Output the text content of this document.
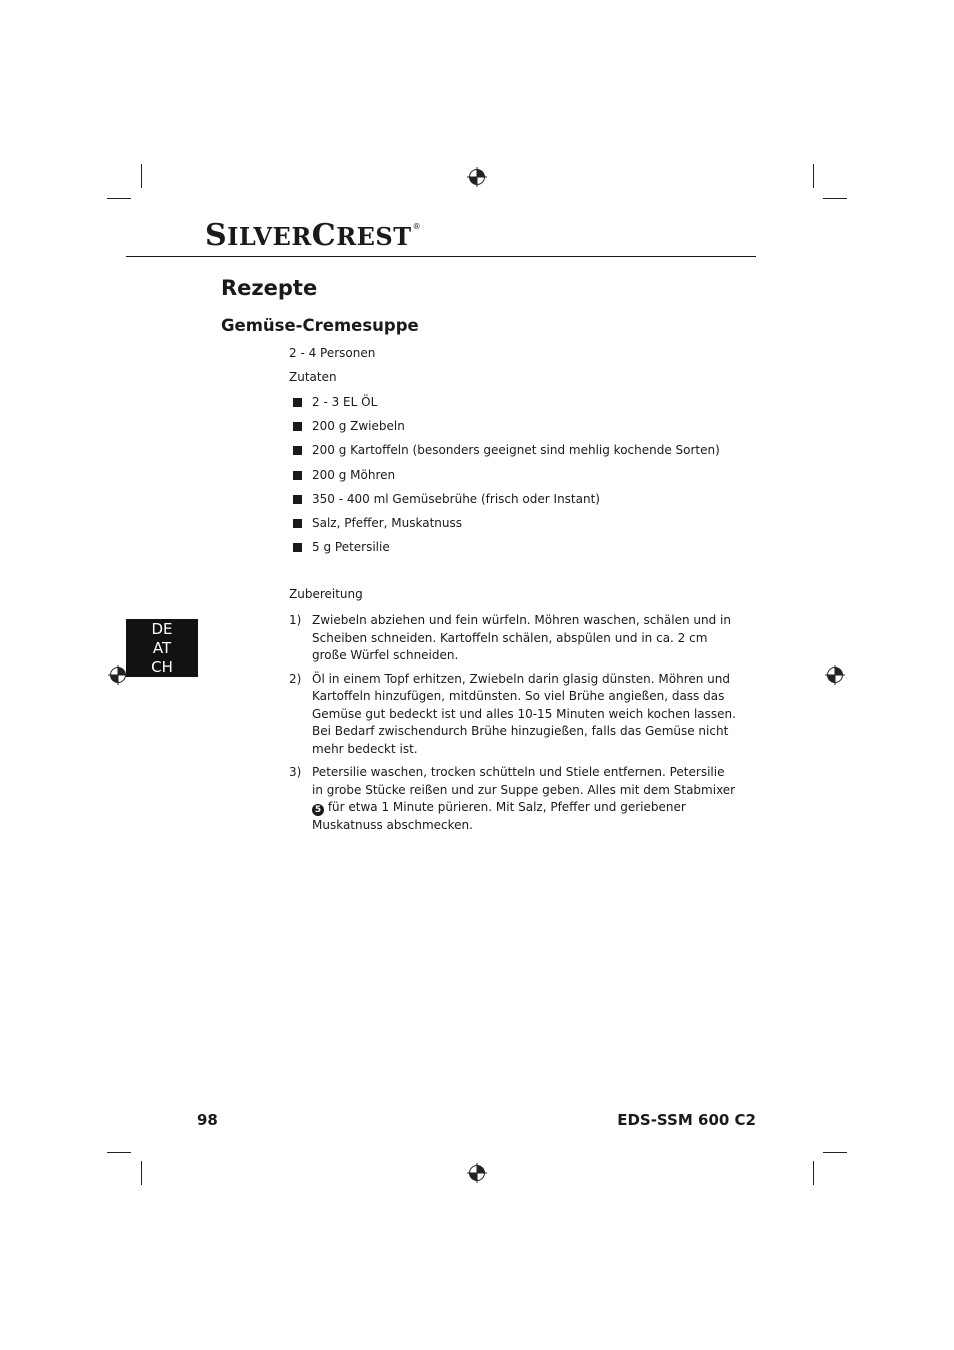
SILVERCREST®
Rezepte
Gemüse-Cremesuppe
2 - 4 Personen
Zutaten
2 - 3 EL ÖL
200 g Zwiebeln
200 g Kartoffeln (besonders geeignet sind mehlig kochende Sorten)
200 g Möhren
350 - 400 ml Gemüsebrühe (frisch oder Instant)
Salz, Pfeffer, Muskatnuss
5 g Petersilie
Zubereitung
1) Zwiebeln abziehen und fein würfeln. Möhren waschen, schälen und in Scheiben schneiden. Kartoffeln schälen, abspülen und in ca. 2 cm große Würfel schneiden.
2) Öl in einem Topf erhitzen, Zwiebeln darin glasig dünsten. Möhren und Kartoffeln hinzufügen, mitdünsten. So viel Brühe angießen, dass das Gemüse gut bedeckt ist und alles 10-15 Minuten weich kochen lassen. Bei Bedarf zwischendurch Brühe hinzugießen, falls das Gemüse nicht mehr bedeckt ist.
3) Petersilie waschen, trocken schütteln und Stiele entfernen. Petersilie in grobe Stücke reißen und zur Suppe geben. Alles mit dem Stabmixer 5 für etwa 1 Minute pürieren. Mit Salz, Pfeffer und geriebener Muskatnuss abschmecken.
DE
AT
CH
98	EDS-SSM 600 C2
